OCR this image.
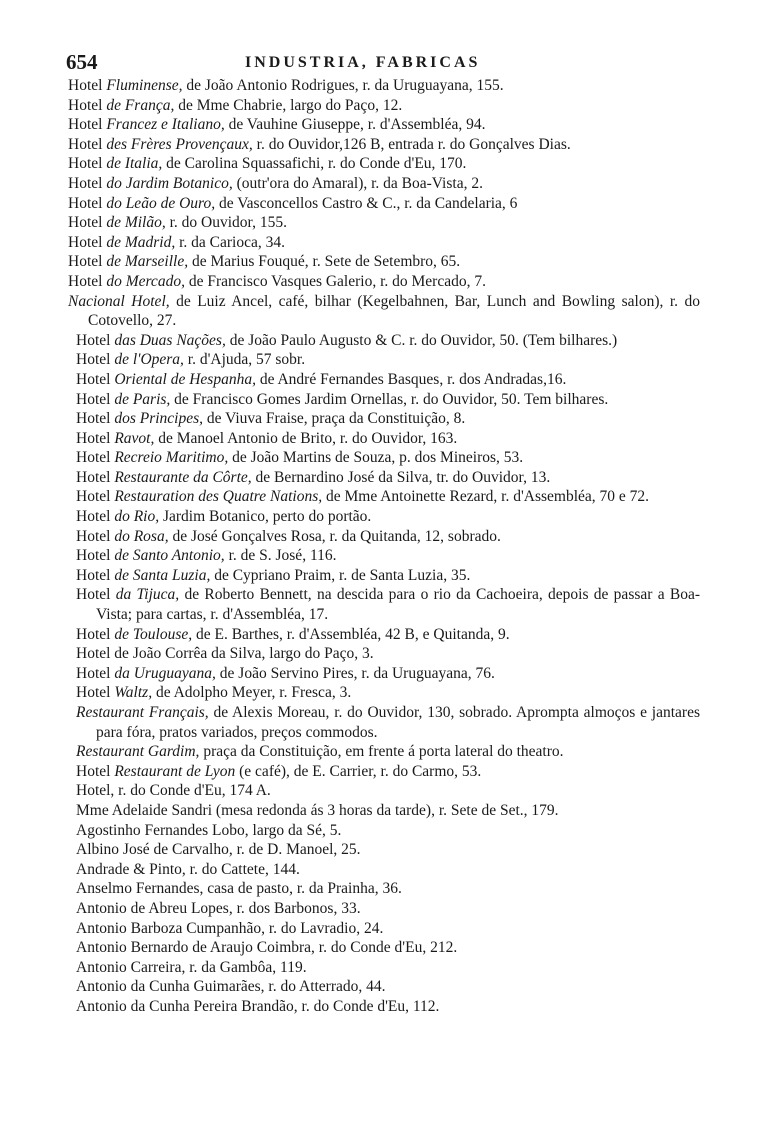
654	INDUSTRIA, FABRICAS
Hotel Fluminense, de João Antonio Rodrigues, r. da Uruguayana, 155.
Hotel de França, de Mme Chabrie, largo do Paço, 12.
Hotel Francez e Italiano, de Vauhine Giuseppe, r. d'Assembléa, 94.
Hotel des Frères Provençaux, r. do Ouvidor,126 B, entrada r. do Gonçalves Dias.
Hotel de Italia, de Carolina Squassafichi, r. do Conde d'Eu, 170.
Hotel do Jardim Botanico, (outr'ora do Amaral), r. da Boa-Vista, 2.
Hotel do Leão de Ouro, de Vasconcellos Castro & C., r. da Candelaria, 6
Hotel de Milão, r. do Ouvidor, 155.
Hotel de Madrid, r. da Carioca, 34.
Hotel de Marseille, de Marius Fouqué, r. Sete de Setembro, 65.
Hotel do Mercado, de Francisco Vasques Galerio, r. do Mercado, 7.
Nacional Hotel, de Luiz Ancel, café, bilhar (Kegelbahnen, Bar, Lunch and Bowling salon), r. do Cotovello, 27.
Hotel das Duas Nações, de João Paulo Augusto & C. r. do Ouvidor, 50. (Tem bilhares.)
Hotel de l'Opera, r. d'Ajuda, 57 sobr.
Hotel Oriental de Hespanha, de André Fernandes Basques, r. dos Andradas,16.
Hotel de Paris, de Francisco Gomes Jardim Ornellas, r. do Ouvidor, 50. Tem bilhares.
Hotel dos Principes, de Viuva Fraise, praça da Constituição, 8.
Hotel Ravot, de Manoel Antonio de Brito, r. do Ouvidor, 163.
Hotel Recreio Maritimo, de João Martins de Souza, p. dos Mineiros, 53.
Hotel Restaurante da Côrte, de Bernardino José da Silva, tr. do Ouvidor, 13.
Hotel Restauration des Quatre Nations, de Mme Antoinette Rezard, r. d'Assembléa, 70 e 72.
Hotel do Rio, Jardim Botanico, perto do portão.
Hotel do Rosa, de José Gonçalves Rosa, r. da Quitanda, 12, sobrado.
Hotel de Santo Antonio, r. de S. José, 116.
Hotel de Santa Luzia, de Cypriano Praim, r. de Santa Luzia, 35.
Hotel da Tijuca, de Roberto Bennett, na descida para o rio da Cachoeira, depois de passar a Boa-Vista; para cartas, r. d'Assembléa, 17.
Hotel de Toulouse, de E. Barthes, r. d'Assembléa, 42 B, e Quitanda, 9.
Hotel de João Corrêa da Silva, largo do Paço, 3.
Hotel da Uruguayana, de João Servino Pires, r. da Uruguayana, 76.
Hotel Waltz, de Adolpho Meyer, r. Fresca, 3.
Restaurant Français, de Alexis Moreau, r. do Ouvidor, 130, sobrado. Apromptа almoços e jantares para fóra, pratos variados, preços commodos.
Restaurant Gardim, praça da Constituição, em frente á porta lateral do theatro.
Hotel Restaurant de Lyon (e café), de E. Carrier, r. do Carmo, 53.
Hotel, r. do Conde d'Eu, 174 A.
Mme Adelaide Sandri (mesa redonda ás 3 horas da tarde), r. Sete de Set., 179.
Agostinho Fernandes Lobo, largo da Sé, 5.
Albino José de Carvalho, r. de D. Manoel, 25.
Andrade & Pinto, r. do Cattete, 144.
Anselmo Fernandes, casa de pasto, r. da Prainha, 36.
Antonio de Abreu Lopes, r. dos Barbonos, 33.
Antonio Barboza Cumpanhão, r. do Lavradio, 24.
Antonio Bernardo de Araujo Coimbra, r. do Conde d'Eu, 212.
Antonio Carreira, r. da Gambôa, 119.
Antonio da Cunha Guimarães, r. do Atterrado, 44.
Antonio da Cunha Pereira Brandão, r. do Conde d'Eu, 112.
